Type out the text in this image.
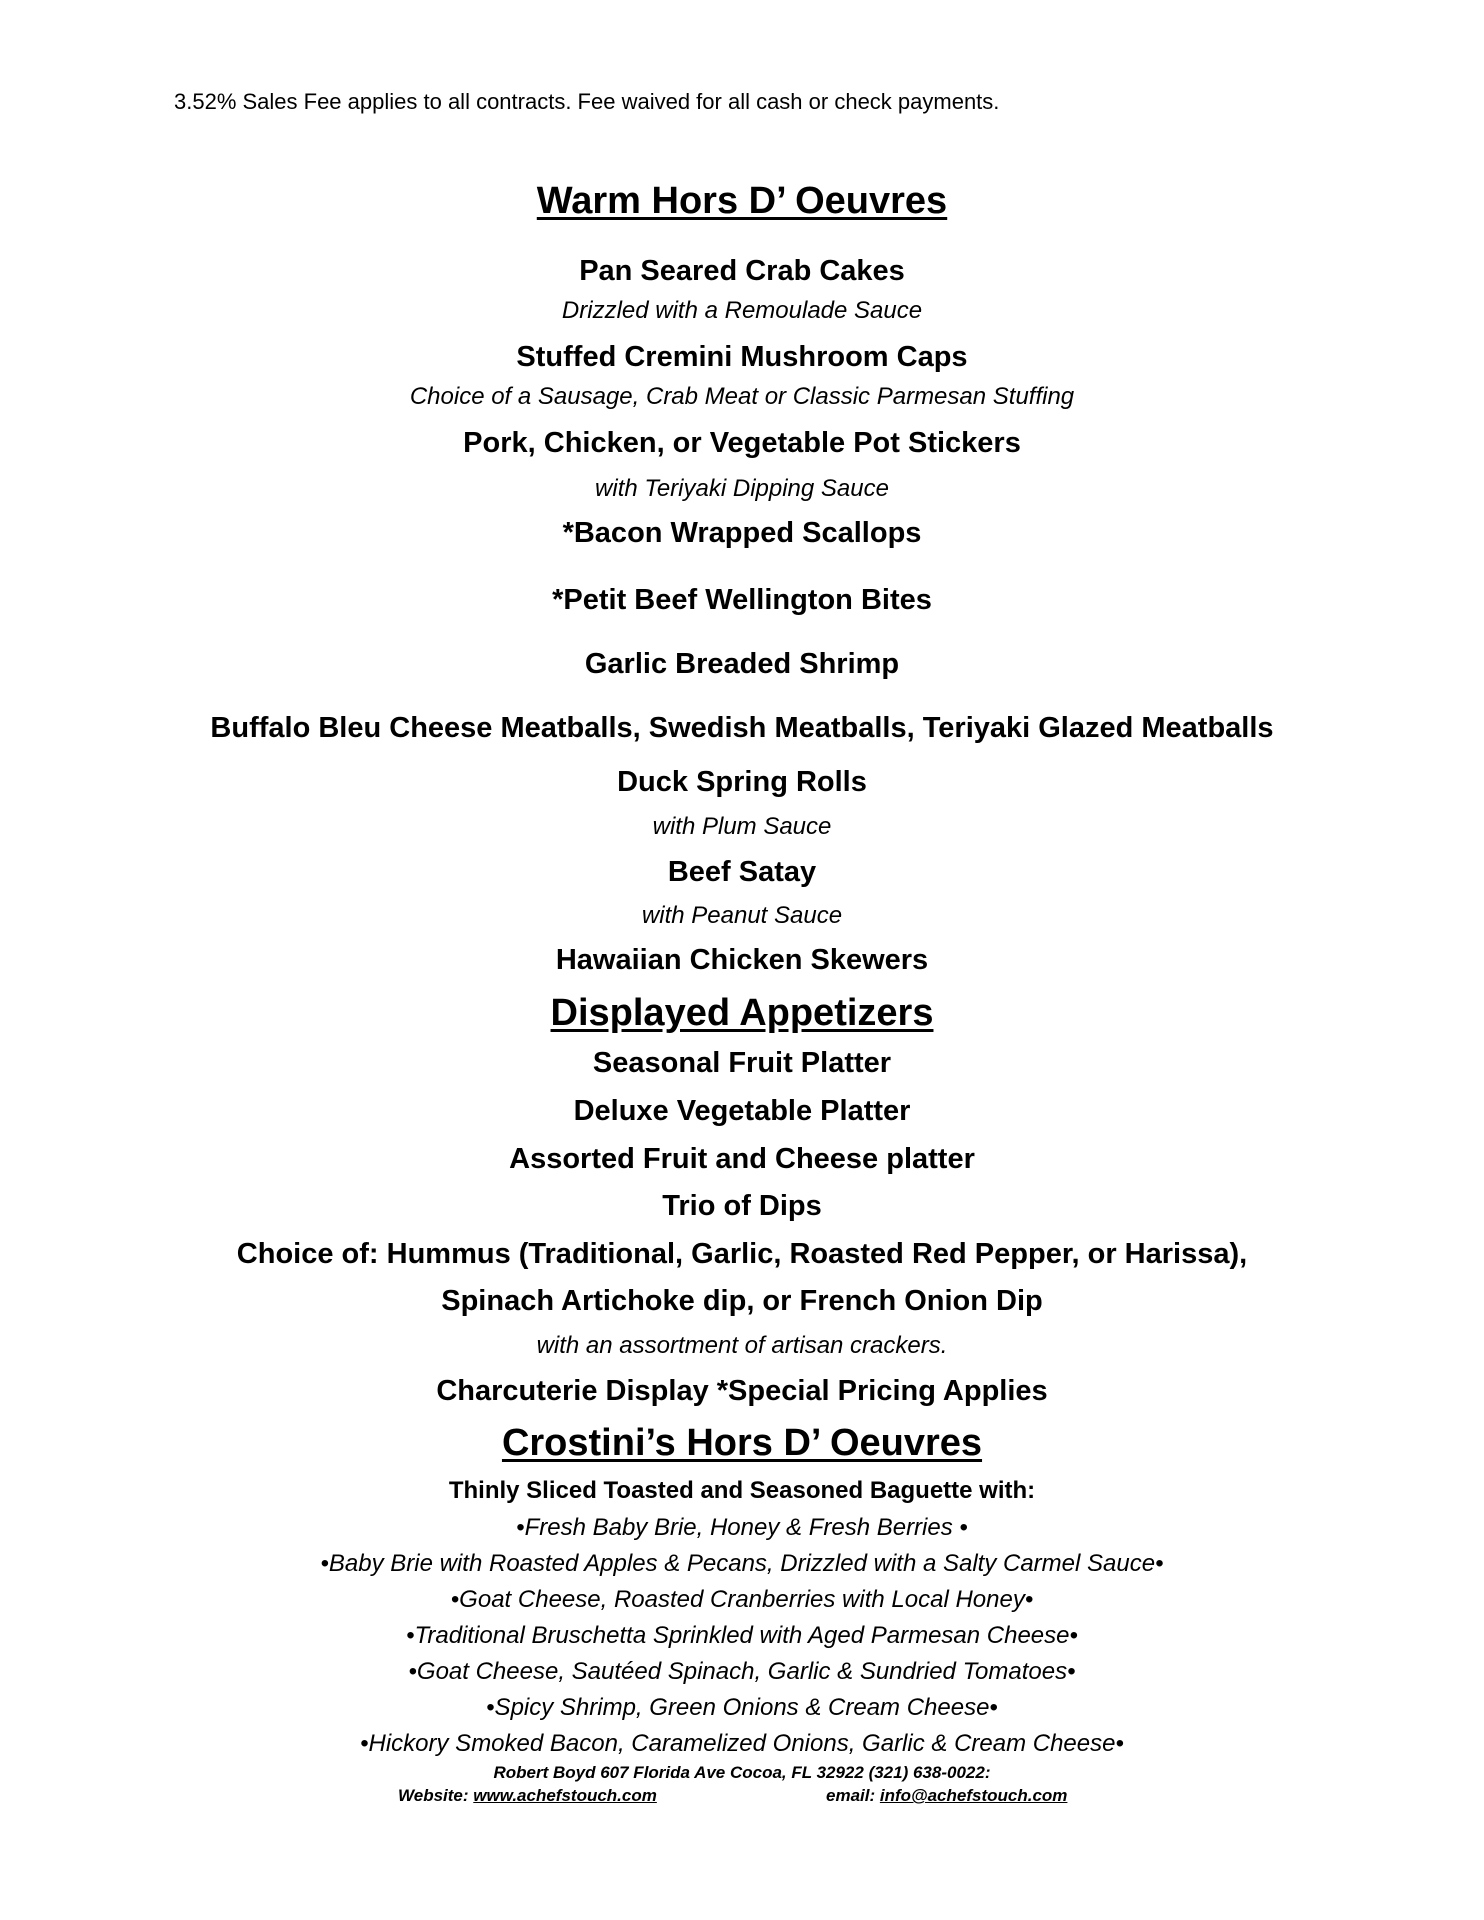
3.52% Sales Fee applies to all contracts. Fee waived for all cash or check payments.
Warm Hors D’ Oeuvres
Pan Seared Crab Cakes
Drizzled with a Remoulade Sauce
Stuffed Cremini Mushroom Caps
Choice of a Sausage, Crab Meat or Classic Parmesan Stuffing
Pork, Chicken, or Vegetable Pot Stickers
with Teriyaki Dipping Sauce
*Bacon Wrapped Scallops
*Petit Beef Wellington Bites
Garlic Breaded Shrimp
Buffalo Bleu Cheese Meatballs, Swedish Meatballs, Teriyaki Glazed Meatballs
Duck Spring Rolls
with Plum Sauce
Beef Satay
with Peanut Sauce
Hawaiian Chicken Skewers
Displayed Appetizers
Seasonal Fruit Platter
Deluxe Vegetable Platter
Assorted Fruit and Cheese platter
Trio of Dips
Choice of: Hummus (Traditional, Garlic, Roasted Red Pepper, or Harissa),
Spinach Artichoke dip, or French Onion Dip
with an assortment of artisan crackers.
Charcuterie Display *Special Pricing Applies
Crostini’s Hors D’ Oeuvres
Thinly Sliced Toasted and Seasoned Baguette with:
•Fresh Baby Brie, Honey & Fresh Berries •
•Baby Brie with Roasted Apples & Pecans, Drizzled with a Salty Carmel Sauce•
•Goat Cheese, Roasted Cranberries with Local Honey•
•Traditional Bruschetta Sprinkled with Aged Parmesan Cheese•
•Goat Cheese, Sautéed Spinach, Garlic & Sundried Tomatoes•
•Spicy Shrimp, Green Onions & Cream Cheese•
•Hickory Smoked Bacon, Caramelized Onions, Garlic & Cream Cheese•
Robert Boyd 607 Florida Ave Cocoa, FL 32922 (321) 638-0022:
Website: www.achefstouch.com	email: info@achefstouch.com
